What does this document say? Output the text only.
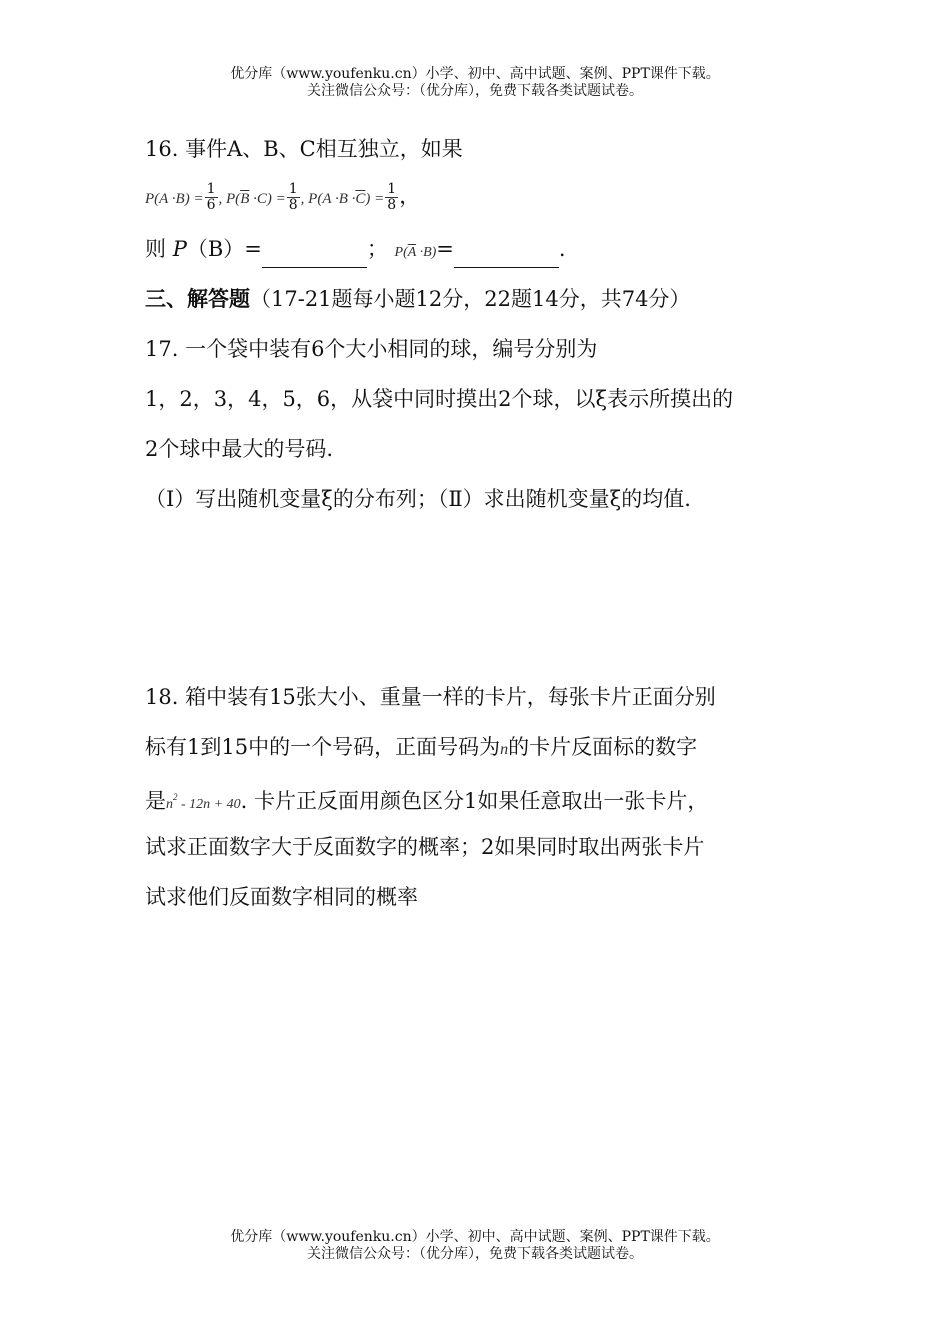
优分库（www.youfenku.cn）小学、初中、高中试题、案例、PPT课件下载。
关注微信公众号：（优分库），免费下载各类试题试卷。
16. 事件A、B、C相互独立，如果
$P(A \cdot B) = \frac{1}{6}$ , $P(\overline{B} \cdot C) = \frac{1}{8}$ , $P(A \cdot B \cdot\overline{C}) = \frac{1}{8}$ ，
则 P（B）=	； $P(\overline{A} \cdot B)=$	.
三、解答题（17-21题每小题12分，22题14分，共74分）
17. 一个袋中装有6个大小相同的球，编号分别为
1，2，3，4，5，6，从袋中同时摸出2个球，以ξ表示所摸出的
2个球中最大的号码.
（Ⅰ）写出随机变量ξ的分布列；（Ⅱ）求出随机变量ξ的均值.
18. 箱中装有15张大小、重量一样的卡片，每张卡片正面分别
标有1到15中的一个号码，正面号码为n的卡片反面标的数字
是$n^2 - 12n + 40$. 卡片正反面用颜色区分1如果任意取出一张卡片，
试求正面数字大于反面数字的概率；2如果同时取出两张卡片
试求他们反面数字相同的概率
优分库（www.youfenku.cn）小学、初中、高中试题、案例、PPT课件下载。
关注微信公众号：（优分库），免费下载各类试题试卷。
